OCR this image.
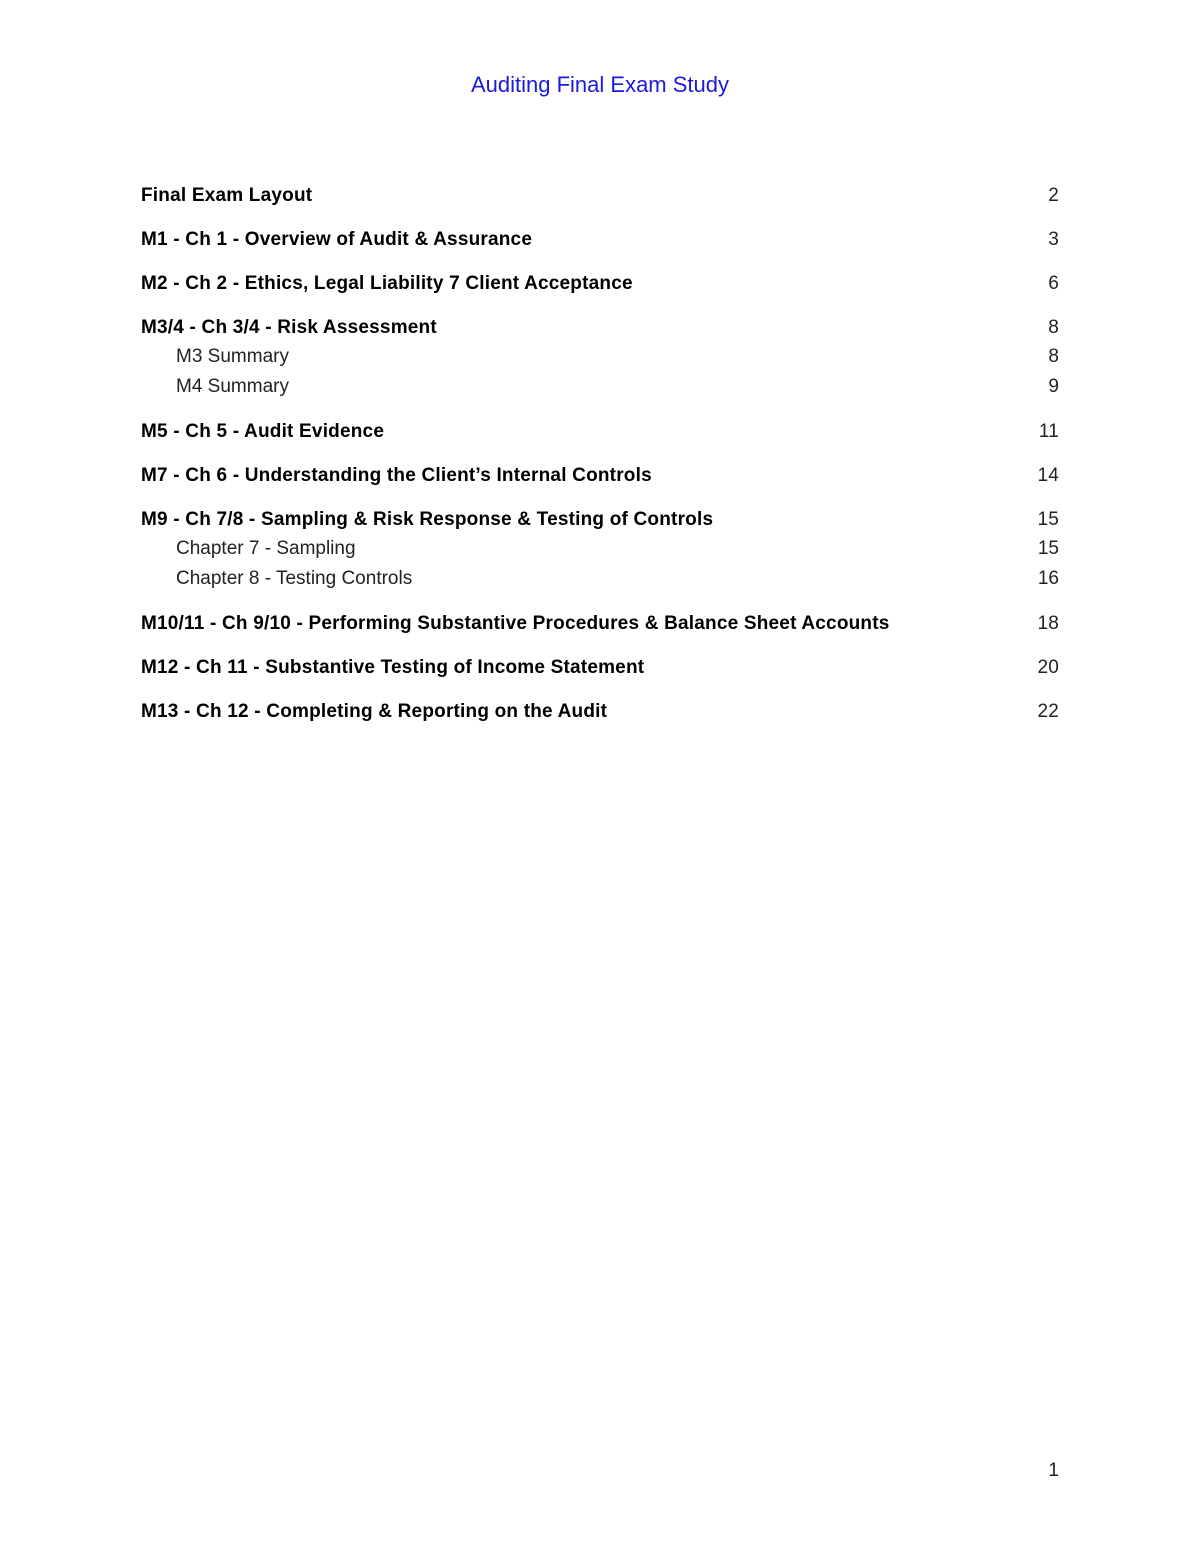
Auditing Final Exam Study
Final Exam Layout	2
M1 - Ch 1 - Overview of Audit & Assurance	3
M2 - Ch 2 - Ethics, Legal Liability 7 Client Acceptance	6
M3/4 - Ch 3/4 - Risk Assessment	8
M3 Summary	8
M4 Summary	9
M5 - Ch 5 - Audit Evidence	11
M7 - Ch 6 - Understanding the Client’s Internal Controls	14
M9 - Ch 7/8 - Sampling & Risk Response & Testing of Controls	15
Chapter 7 - Sampling	15
Chapter 8 - Testing Controls	16
M10/11 - Ch 9/10 - Performing Substantive Procedures & Balance Sheet Accounts	18
M12 - Ch 11 - Substantive Testing of Income Statement	20
M13 - Ch 12 - Completing & Reporting on the Audit	22
1
